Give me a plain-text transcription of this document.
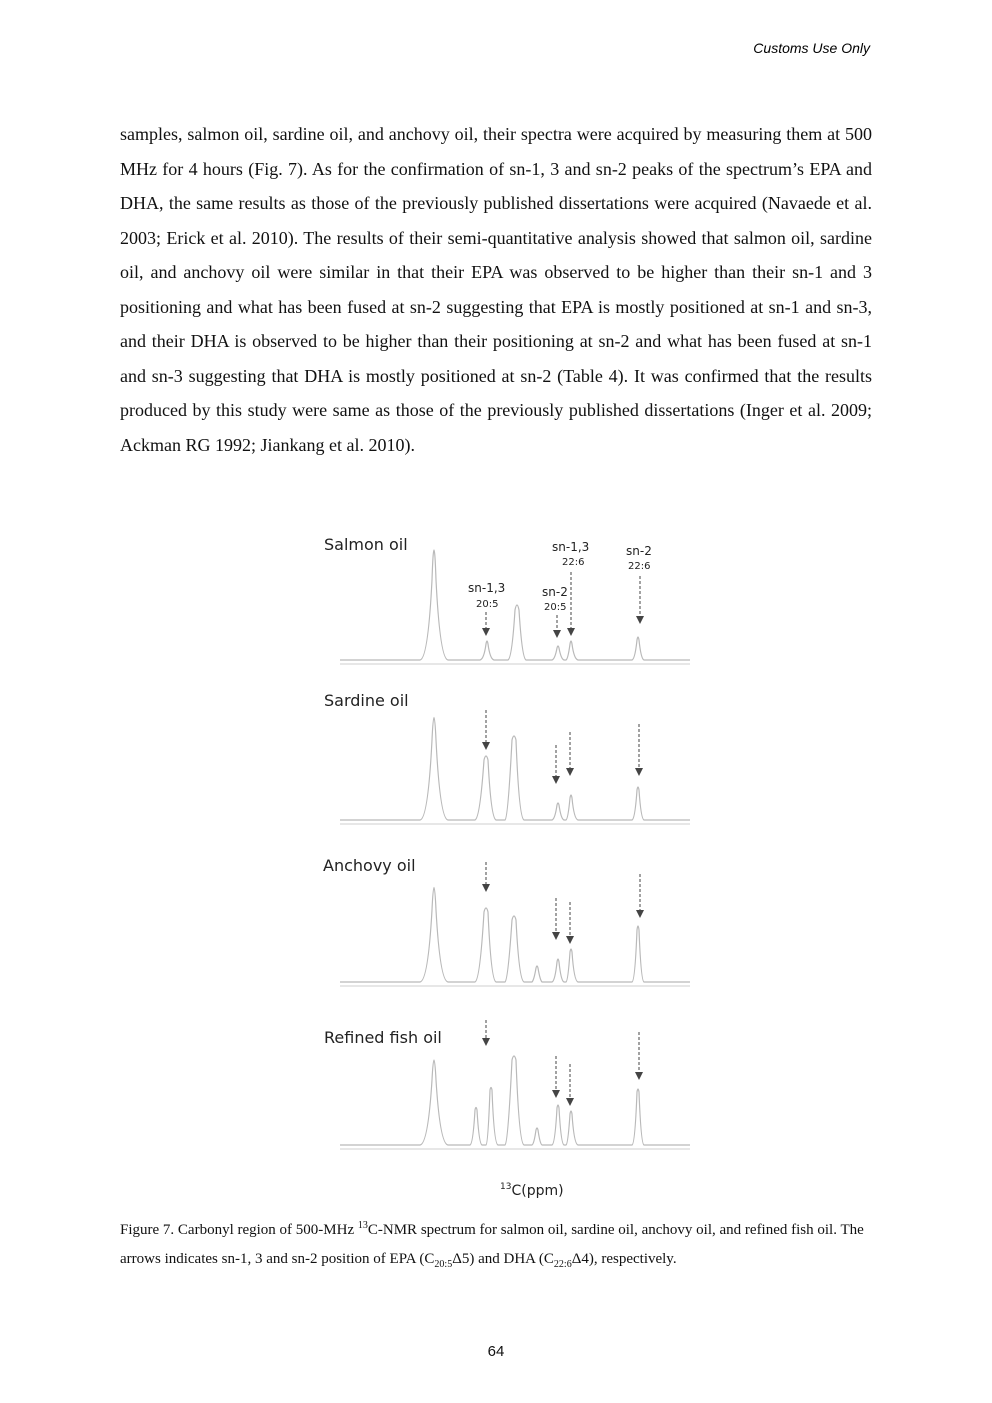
Customs Use Only

samples, salmon oil, sardine oil, and anchovy oil, their spectra were acquired by measuring them at 500 MHz for 4 hours (Fig. 7). As for the confirmation of sn-1, 3 and sn-2 peaks of the spectrum’s EPA and DHA, the same results as those of the previously published dissertations were acquired (Navaede et al. 2003; Erick et al. 2010). The results of their semi-quantitative analysis showed that salmon oil, sardine oil, and anchovy oil were similar in that their EPA was observed to be higher than their sn-1 and 3 positioning and what has been fused at sn-2 suggesting that EPA is mostly positioned at sn-1 and sn-3, and their DHA is observed to be higher than their positioning at sn-2 and what has been fused at sn-1 and sn-3 suggesting that DHA is mostly positioned at sn-2 (Table 4). It was confirmed that the results produced by this study were same as those of the previously published dissertations (Inger et al. 2009; Ackman RG 1992; Jiankang et al. 2010).

Salmon oil
Sardine oil
Anchovy oil
Refined fish oil
sn-1,3
20:5
sn-2
20:5
sn-1,3
22:6
sn-2
22:6
$^{13}$C(ppm)
Figure 7. Carbonyl region of 500-MHz $^{13}$C-NMR spectrum for salmon oil, sardine oil, anchovy oil, and refined fish oil. The arrows indicates sn-1, 3 and sn-2 position of EPA $(C_{20:5}\Delta 5)$ and DHA $(C_{22:6}\Delta 4)$, respectively.
64
